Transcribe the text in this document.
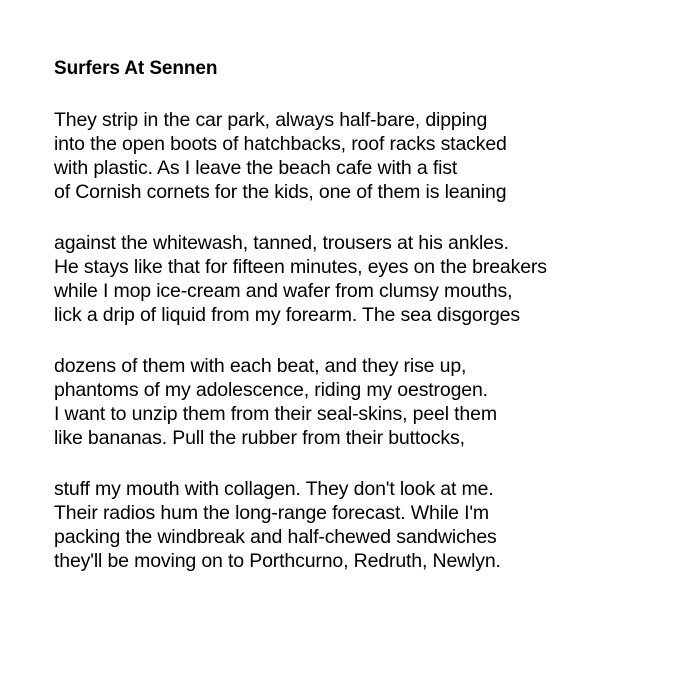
Surfers At Sennen
They strip in the car park, always half-bare, dipping
into the open boots of hatchbacks, roof racks stacked
with plastic. As I leave the beach cafe with a fist
of Cornish cornets for the kids, one of them is leaning
against the whitewash, tanned, trousers at his ankles.
He stays like that for fifteen minutes, eyes on the breakers
while I mop ice-cream and wafer from clumsy mouths,
lick a drip of liquid from my forearm. The sea disgorges
dozens of them with each beat, and they rise up,
phantoms of my adolescence, riding my oestrogen.
I want to unzip them from their seal-skins, peel them
like bananas. Pull the rubber from their buttocks,
stuff my mouth with collagen. They don't look at me.
Their radios hum the long-range forecast. While I'm
packing the windbreak and half-chewed sandwiches
they'll be moving on to Porthcurno, Redruth, Newlyn.
